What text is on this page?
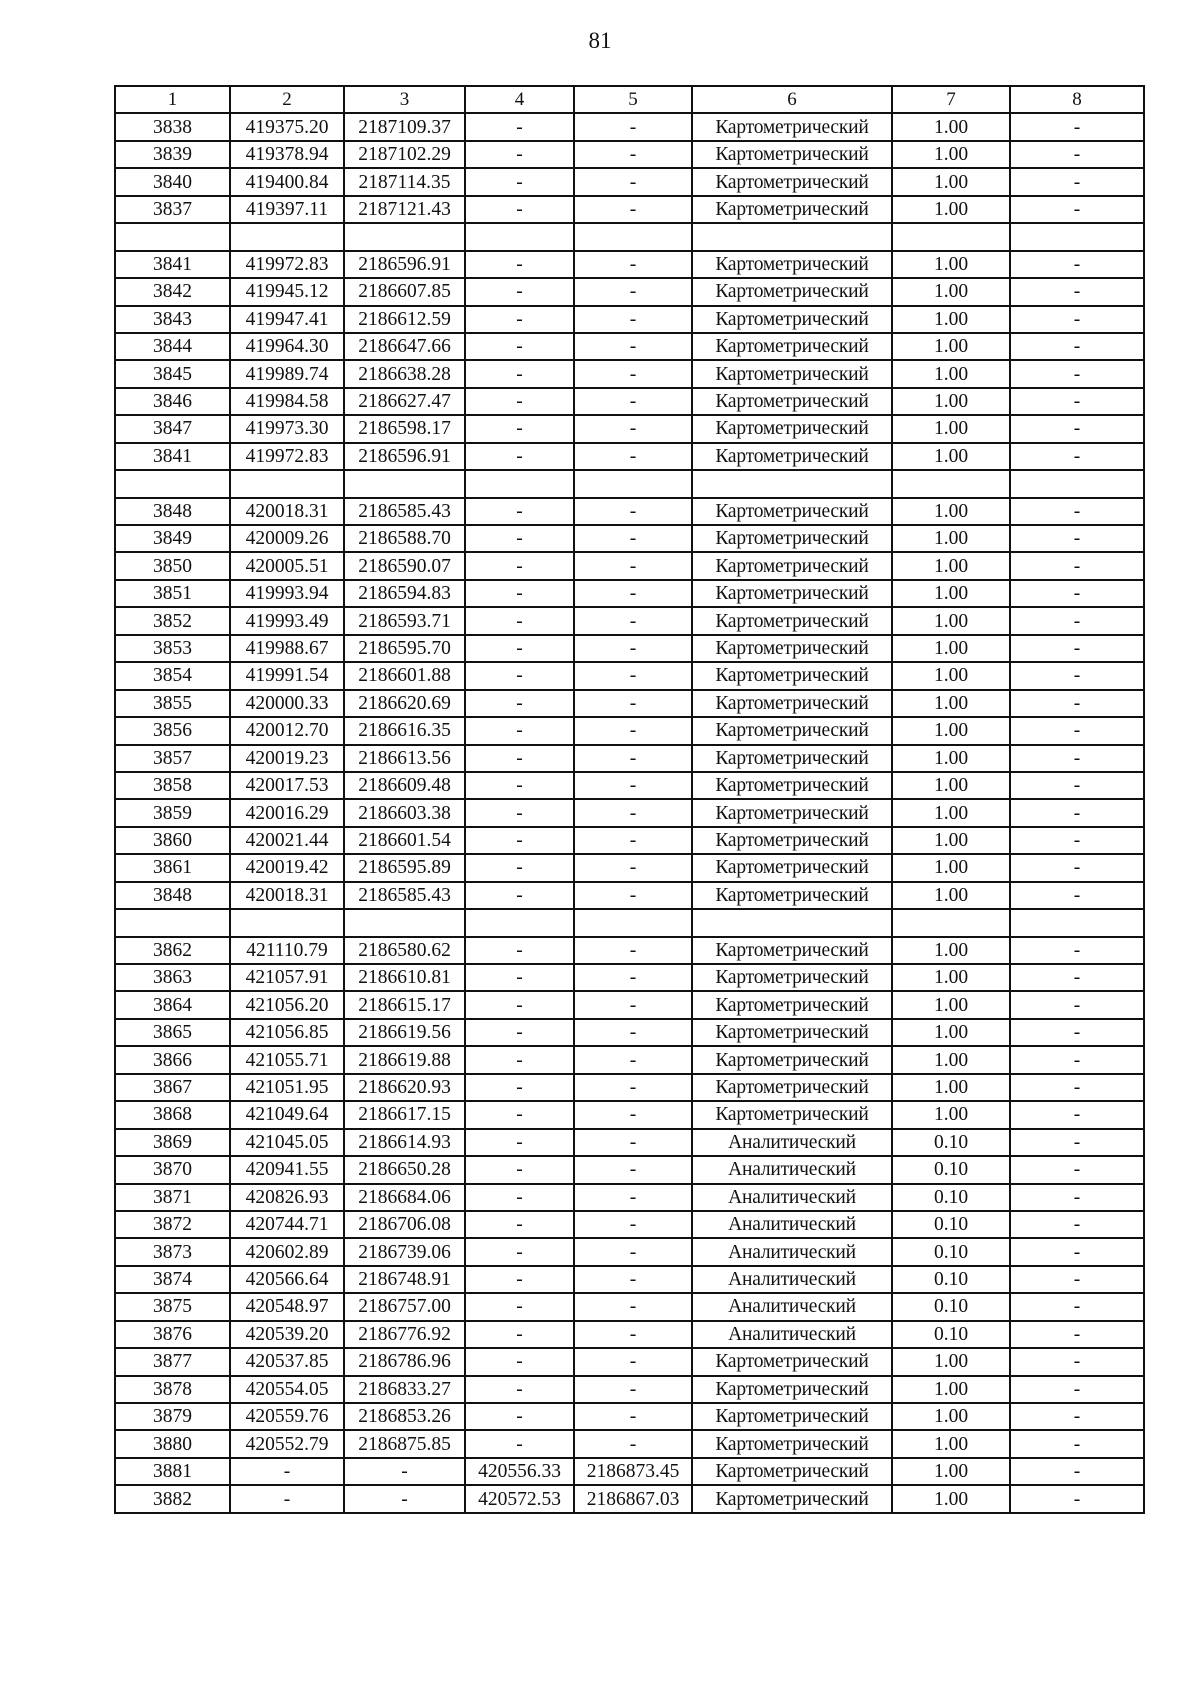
81
1	2	3	4	5	6	7	8
3838	419375.20	2187109.37	-	-	Картометрический	1.00	-
3839	419378.94	2187102.29	-	-	Картометрический	1.00	-
3840	419400.84	2187114.35	-	-	Картометрический	1.00	-
3837	419397.11	2187121.43	-	-	Картометрический	1.00	-

3841	419972.83	2186596.91	-	-	Картометрический	1.00	-
3842	419945.12	2186607.85	-	-	Картометрический	1.00	-
3843	419947.41	2186612.59	-	-	Картометрический	1.00	-
3844	419964.30	2186647.66	-	-	Картометрический	1.00	-
3845	419989.74	2186638.28	-	-	Картометрический	1.00	-
3846	419984.58	2186627.47	-	-	Картометрический	1.00	-
3847	419973.30	2186598.17	-	-	Картометрический	1.00	-
3841	419972.83	2186596.91	-	-	Картометрический	1.00	-

3848	420018.31	2186585.43	-	-	Картометрический	1.00	-
3849	420009.26	2186588.70	-	-	Картометрический	1.00	-
3850	420005.51	2186590.07	-	-	Картометрический	1.00	-
3851	419993.94	2186594.83	-	-	Картометрический	1.00	-
3852	419993.49	2186593.71	-	-	Картометрический	1.00	-
3853	419988.67	2186595.70	-	-	Картометрический	1.00	-
3854	419991.54	2186601.88	-	-	Картометрический	1.00	-
3855	420000.33	2186620.69	-	-	Картометрический	1.00	-
3856	420012.70	2186616.35	-	-	Картометрический	1.00	-
3857	420019.23	2186613.56	-	-	Картометрический	1.00	-
3858	420017.53	2186609.48	-	-	Картометрический	1.00	-
3859	420016.29	2186603.38	-	-	Картометрический	1.00	-
3860	420021.44	2186601.54	-	-	Картометрический	1.00	-
3861	420019.42	2186595.89	-	-	Картометрический	1.00	-
3848	420018.31	2186585.43	-	-	Картометрический	1.00	-

3862	421110.79	2186580.62	-	-	Картометрический	1.00	-
3863	421057.91	2186610.81	-	-	Картометрический	1.00	-
3864	421056.20	2186615.17	-	-	Картометрический	1.00	-
3865	421056.85	2186619.56	-	-	Картометрический	1.00	-
3866	421055.71	2186619.88	-	-	Картометрический	1.00	-
3867	421051.95	2186620.93	-	-	Картометрический	1.00	-
3868	421049.64	2186617.15	-	-	Картометрический	1.00	-
3869	421045.05	2186614.93	-	-	Аналитический	0.10	-
3870	420941.55	2186650.28	-	-	Аналитический	0.10	-
3871	420826.93	2186684.06	-	-	Аналитический	0.10	-
3872	420744.71	2186706.08	-	-	Аналитический	0.10	-
3873	420602.89	2186739.06	-	-	Аналитический	0.10	-
3874	420566.64	2186748.91	-	-	Аналитический	0.10	-
3875	420548.97	2186757.00	-	-	Аналитический	0.10	-
3876	420539.20	2186776.92	-	-	Аналитический	0.10	-
3877	420537.85	2186786.96	-	-	Картометрический	1.00	-
3878	420554.05	2186833.27	-	-	Картометрический	1.00	-
3879	420559.76	2186853.26	-	-	Картометрический	1.00	-
3880	420552.79	2186875.85	-	-	Картометрический	1.00	-
3881	-	-	420556.33	2186873.45	Картометрический	1.00	-
3882	-	-	420572.53	2186867.03	Картометрический	1.00	-
